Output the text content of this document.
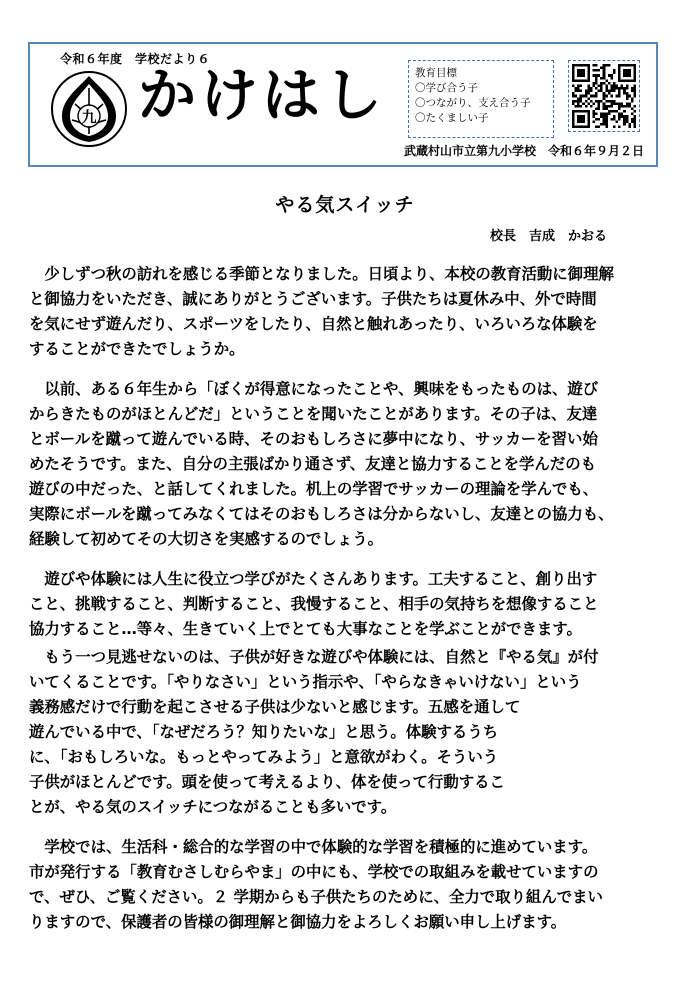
令和６年度　学校だより６
九 かけはし	教育目標
〇学び合う子
〇つながり、支え合う子
〇たくましい子
武蔵村山市立第九小学校　令和６年９月２日
やる気スイッチ
校長　吉成　かおる
　少しずつ秋の訪れを感じる季節となりました。日頃より、本校の教育活動に御理解
と御協力をいただき、誠にありがとうございます。子供たちは夏休み中、外で時間
を気にせず遊んだり、スポーツをしたり、自然と触れあったり、いろいろな体験を
することができたでしょうか。
　以前、ある６年生から「ぼくが得意になったことや、興味をもったものは、遊び
からきたものがほとんどだ」ということを聞いたことがあります。その子は、友達
とボールを蹴って遊んでいる時、そのおもしろさに夢中になり、サッカーを習い始
めたそうです。また、自分の主張ばかり通さず、友達と協力することを学んだのも
遊びの中だった、と話してくれました。机上の学習でサッカーの理論を学んでも、
実際にボールを蹴ってみなくてはそのおもしろさは分からないし、友達との協力も、
経験して初めてその大切さを実感するのでしょう。
　遊びや体験には人生に役立つ学びがたくさんあります。工夫すること、創り出す
こと、挑戦すること、判断すること、我慢すること、相手の気持ちを想像すること
協力すること…等々、生きていく上でとても大事なことを学ぶことができます。
　もう一つ見逃せないのは、子供が好きな遊びや体験には、自然と『やる気』が付
いてくることです。「やりなさい」という指示や、「やらなきゃいけない」という
義務感だけで行動を起こさせる子供は少ないと感じます。五感を通して
遊んでいる中で、「なぜだろう？知りたいな」と思う。体験するうち
に、「おもしろいな。もっとやってみよう」と意欲がわく。そういう
子供がほとんどです。頭を使って考えるより、体を使って行動するこ
とが、やる気のスイッチにつながることも多いです。
　学校では、生活科・総合的な学習の中で体験的な学習を積極的に進めています。
市が発行する「教育むさしむらやま」の中にも、学校での取組みを載せていますの
で、ぜひ、ご覧ください。２ 学期からも子供たちのために、全力で取り組んでまい
りますので、保護者の皆様の御理解と御協力をよろしくお願い申し上げます。
